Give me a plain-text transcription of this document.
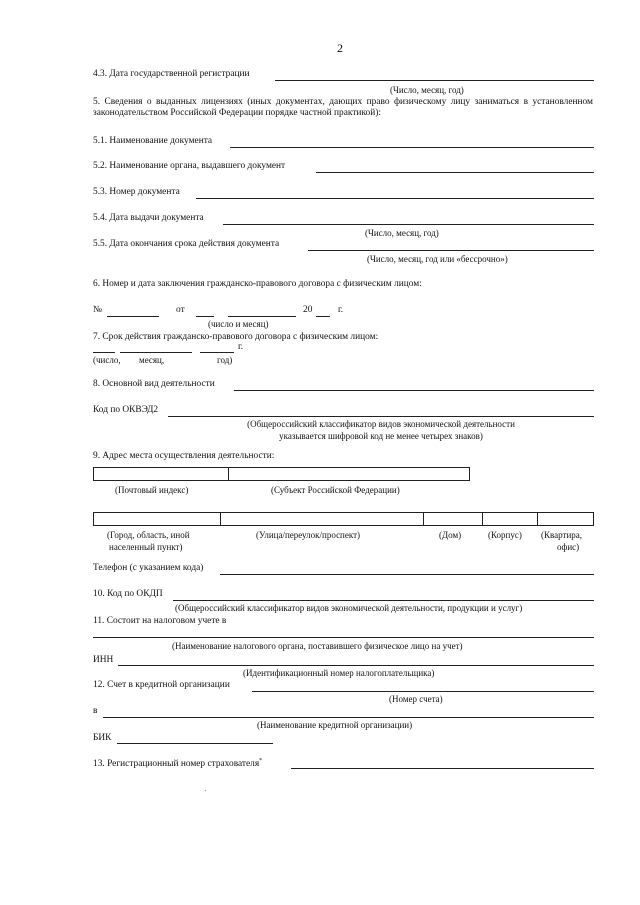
2
4.3. Дата государственной регистрации
(Число, месяц, год)
5. Сведения о выданных лицензиях (иных документах, дающих право физическому лицу заниматься в установленном законодательством Российской Федерации порядке частной практикой):
5.1. Наименование документа
5.2. Наименование органа, выдавшего документ
5.3. Номер документа
5.4. Дата выдачи документа
(Число, месяц, год)
5.5. Дата окончания срока действия документа
(Число, месяц, год или «бессрочно»)
6. Номер и дата заключения гражданско-правового договора с физическим лицом:
№	от	20	г.
(число и месяц)
7. Срок действия гражданско-правового договора с физическим лицом:
г.
(число, месяц,	год)
8. Основной вид деятельности
Код по ОКВЭД2
(Общероссийский классификатор видов экономической деятельности
указывается шифровой код не менее четырех знаков)
9. Адрес места осуществления деятельности:
(Почтовый индекс)	(Субъект Российской Федерации)
(Город, область, иной
населенный пункт)
(Улица/переулок/проспект)	(Дом)	(Корпус) (Квартира,
офис)
Телефон (с указанием кода)
10. Код по ОКДП
(Общероссийский классификатор видов экономической деятельности, продукции и услуг)
11. Состоит на налоговом учете в
(Наименование налогового органа, поставившего физическое лицо на учет)
ИНН
(Идентификационный номер налогоплательщика)
12. Счет в кредитной организации
(Номер счета)
в
(Наименование кредитной организации)
БИК
13. Регистрационный номер страхователя*
